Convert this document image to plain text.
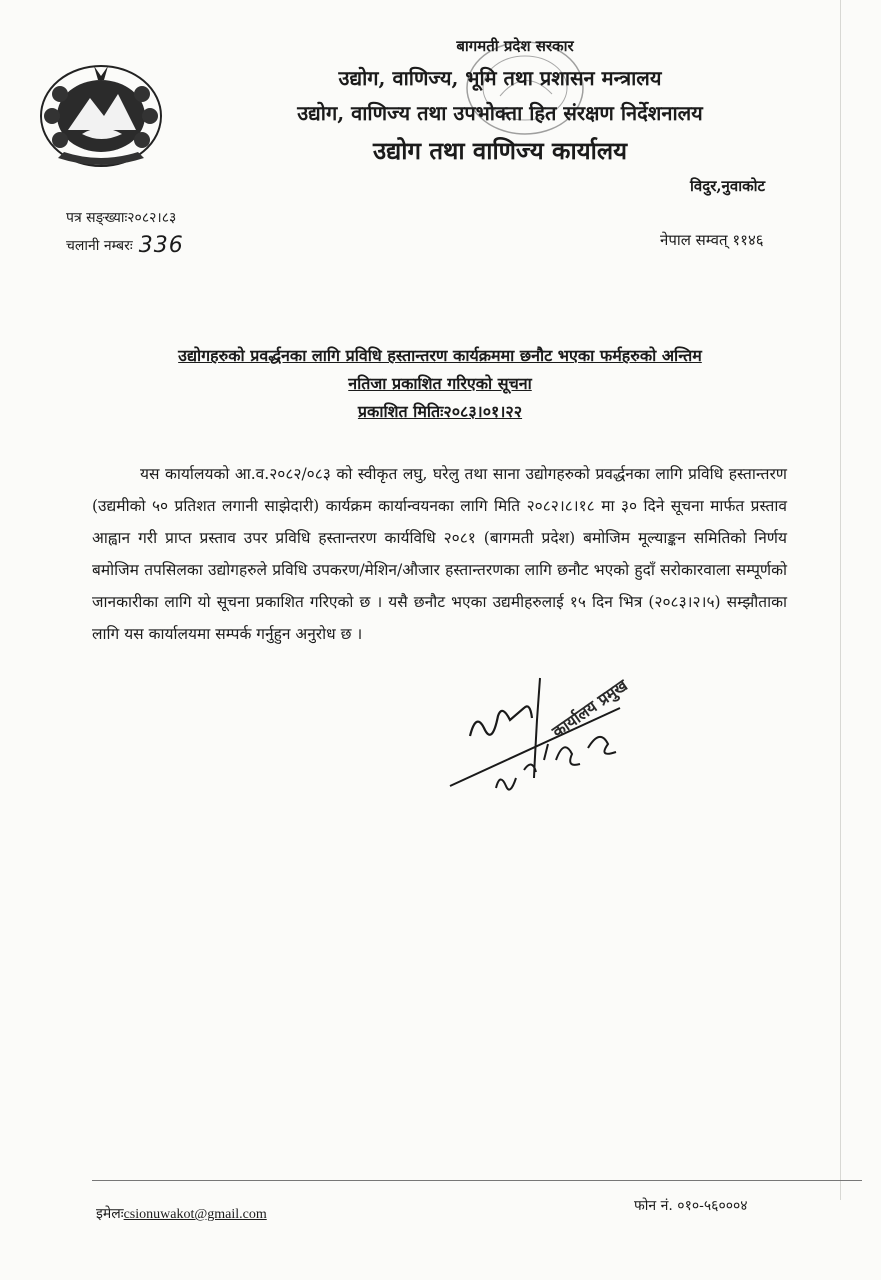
बागमती प्रदेश सरकार
उद्योग, वाणिज्य, भूमि तथा प्रशासन मन्त्रालय
उद्योग, वाणिज्य तथा उपभोक्ता हित संरक्षण निर्देशनालय
उद्योग तथा वाणिज्य कार्यालय
विदुर,नुवाकोट
पत्र सङ्ख्याः२०८२।८३
चलानी नम्बरः 336	नेपाल सम्वत् ११४६
उद्योगहरुको प्रवर्द्धनका लागि प्रविधि हस्तान्तरण कार्यक्रममा छनौट भएका फर्महरुको अन्तिम
नतिजा प्रकाशित गरिएको सूचना
प्रकाशित मितिः२०८३।०१।२२
यस कार्यालयको आ.व.२०८२/०८३ को स्वीकृत लघु, घरेलु तथा साना उद्योगहरुको प्रवर्द्धनका लागि प्रविधि हस्तान्तरण (उद्यमीको ५० प्रतिशत लगानी साझेदारी) कार्यक्रम कार्यान्वयनका लागि मिति २०८२।८।१८ मा ३० दिने सूचना मार्फत प्रस्ताव आह्वान गरी प्राप्त प्रस्ताव उपर प्रविधि हस्तान्तरण कार्यविधि २०८१ (बागमती प्रदेश) बमोजिम मूल्याङ्कन समितिको निर्णय बमोजिम तपसिलका उद्योगहरुले प्रविधि उपकरण/मेशिन/औजार हस्तान्तरणका लागि छनौट भएको हुदाँ सरोकारवाला सम्पूर्णको जानकारीका लागि यो सूचना प्रकाशित गरिएको छ । यसै छनौट भएका उद्यमीहरुलाई १५ दिन भित्र (२०८३।२।५) सम्झौताका लागि यस कार्यालयमा सम्पर्क गर्नुहुन अनुरोध छ ।
कार्यालय प्रमुख
इमेलःcsionuwakot@gmail.com
फोन नं. ०१०-५६०००४
